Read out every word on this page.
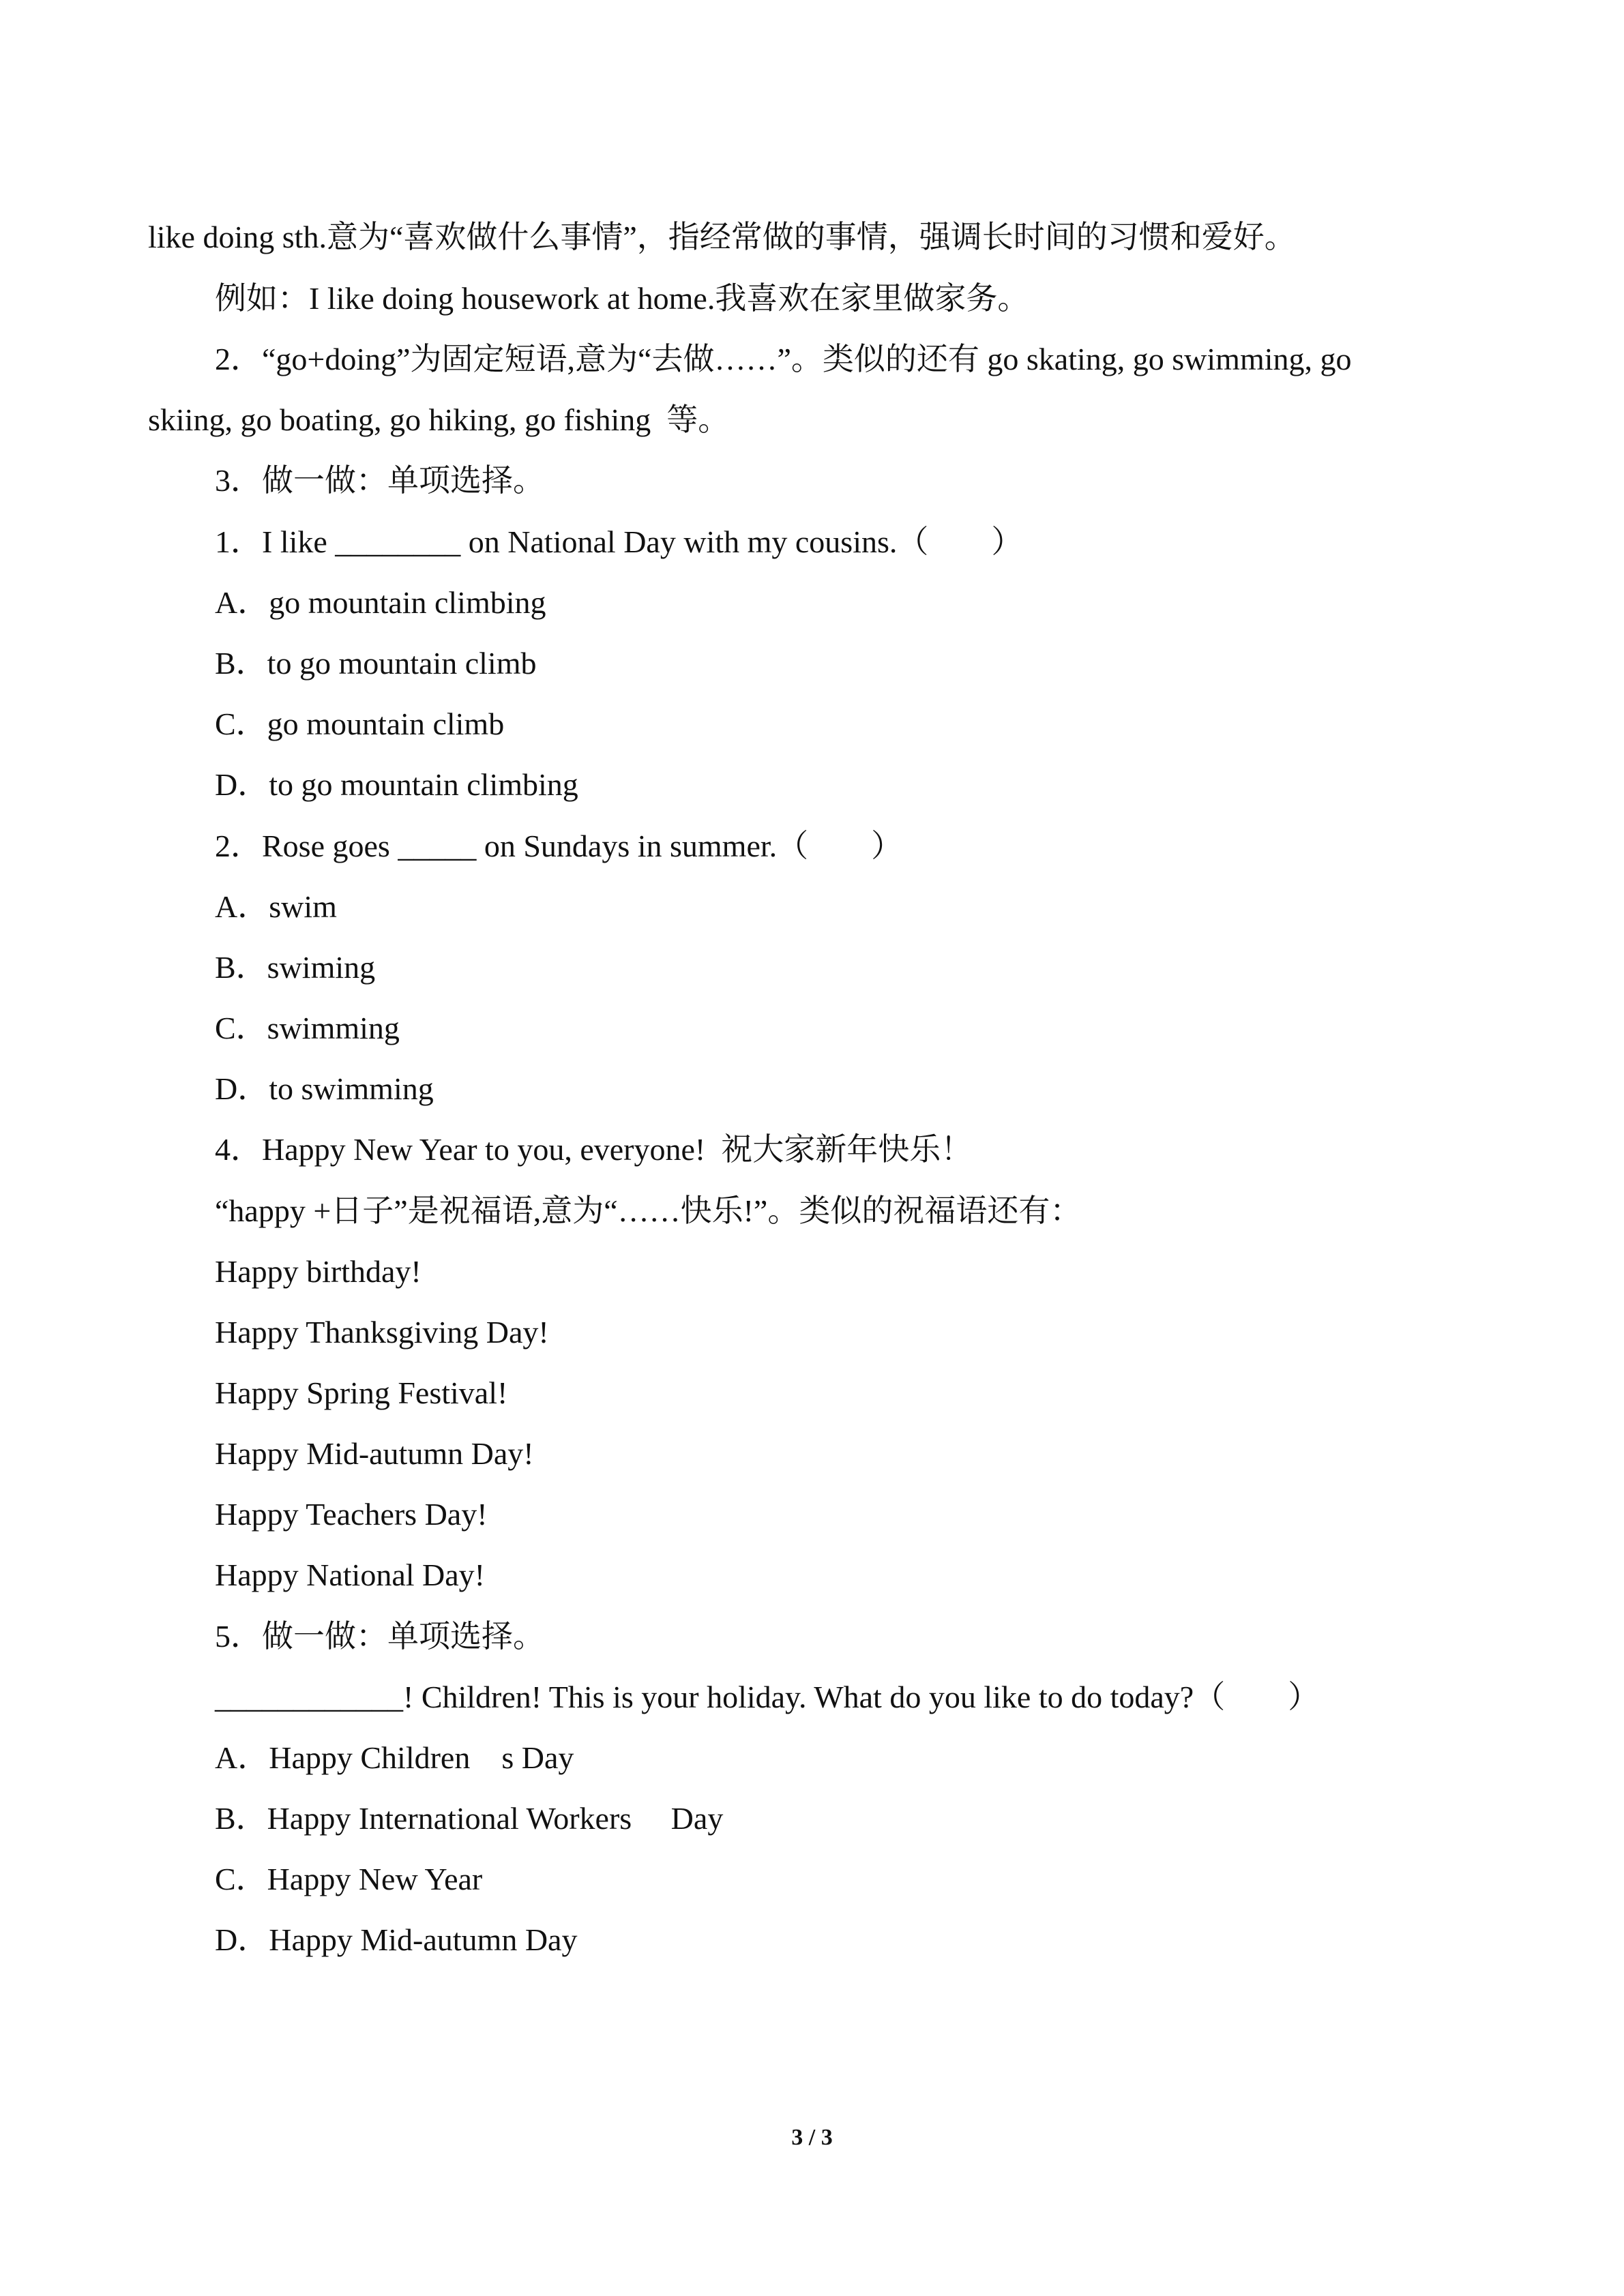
like doing sth.意为“喜欢做什么事情”，指经常做的事情，强调长时间的习惯和爱好。
例如：I like doing housework at home.我喜欢在家里做家务。
2．“go+doing”为固定短语,意为“去做……”。类似的还有 go skating, go swimming, go
skiing, go boating, go hiking, go fishing  等。
3．做一做：单项选择。
1．I like ________ on National Day with my cousins.（　　）
A．go mountain climbing
B．to go mountain climb
C．go mountain climb
D．to go mountain climbing
2．Rose goes _____ on Sundays in summer.（　　）
A．swim
B．swiming
C．swimming
D．to swimming
4．Happy New Year to you, everyone!  祝大家新年快乐！
“happy +日子”是祝福语,意为“……快乐!”。类似的祝福语还有：
Happy birthday!
Happy Thanksgiving Day!
Happy Spring Festival!
Happy Mid-autumn Day!
Happy Teachers Day!
Happy National Day!
5．做一做：单项选择。
____________! Children! This is your holiday. What do you like to do today?（　　）
A．Happy Children　s Day
B．Happy International Workers　 Day
C．Happy New Year
D．Happy Mid-autumn Day
3 / 3
